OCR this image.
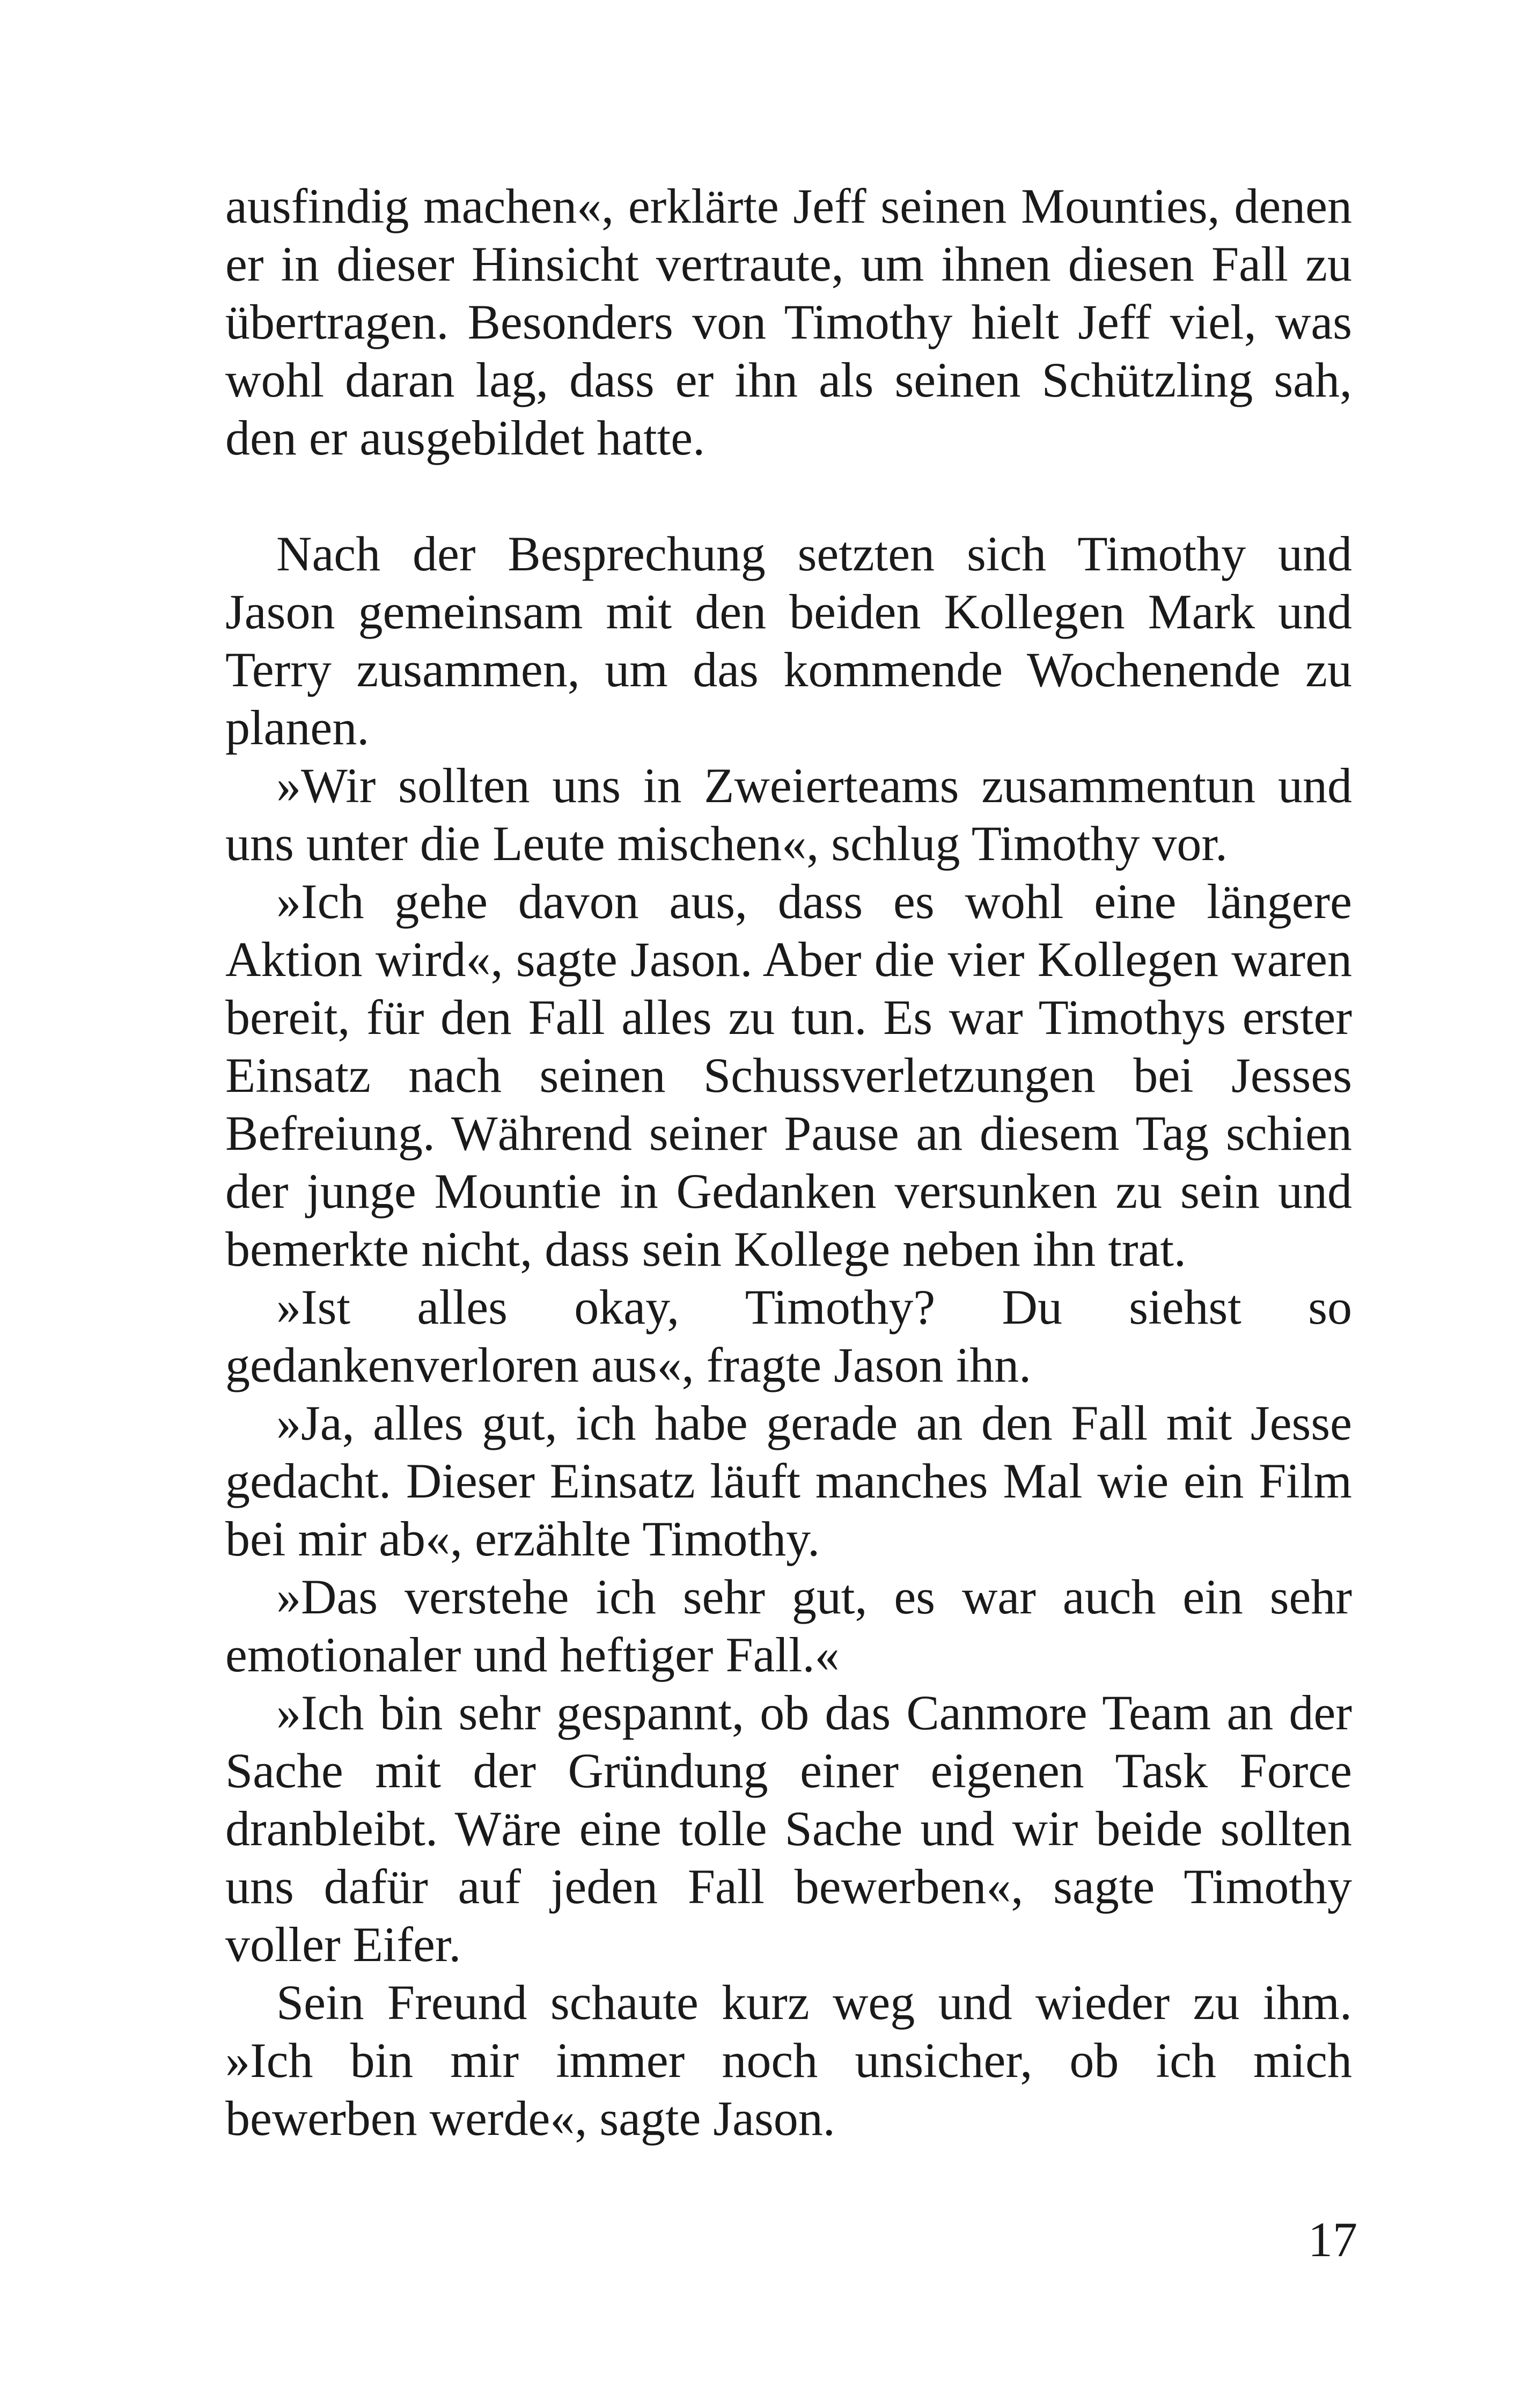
ausfindig machen«, erklärte Jeff seinen Mounties, denen er in dieser Hinsicht vertraute, um ihnen diesen Fall zu übertragen. Besonders von Timothy hielt Jeff viel, was wohl daran lag, dass er ihn als seinen Schützling sah, den er ausgebildet hatte.

Nach der Besprechung setzten sich Timothy und Jason gemeinsam mit den beiden Kollegen Mark und Terry zusammen, um das kommende Wochenende zu planen.

»Wir sollten uns in Zweierteams zusammentun und uns unter die Leute mischen«, schlug Timothy vor.

»Ich gehe davon aus, dass es wohl eine längere Aktion wird«, sagte Jason. Aber die vier Kollegen waren bereit, für den Fall alles zu tun. Es war Timothys erster Einsatz nach seinen Schussverletzungen bei Jesses Befreiung. Während seiner Pause an diesem Tag schien der junge Mountie in Gedanken versunken zu sein und bemerkte nicht, dass sein Kollege neben ihn trat.

»Ist alles okay, Timothy? Du siehst so gedankenverloren aus«, fragte Jason ihn.

»Ja, alles gut, ich habe gerade an den Fall mit Jesse gedacht. Dieser Einsatz läuft manches Mal wie ein Film bei mir ab«, erzählte Timothy.

»Das verstehe ich sehr gut, es war auch ein sehr emotionaler und heftiger Fall.«

»Ich bin sehr gespannt, ob das Canmore Team an der Sache mit der Gründung einer eigenen Task Force dranbleibt. Wäre eine tolle Sache und wir beide sollten uns dafür auf jeden Fall bewerben«, sagte Timothy voller Eifer.

Sein Freund schaute kurz weg und wieder zu ihm. »Ich bin mir immer noch unsicher, ob ich mich bewerben werde«, sagte Jason.

17
